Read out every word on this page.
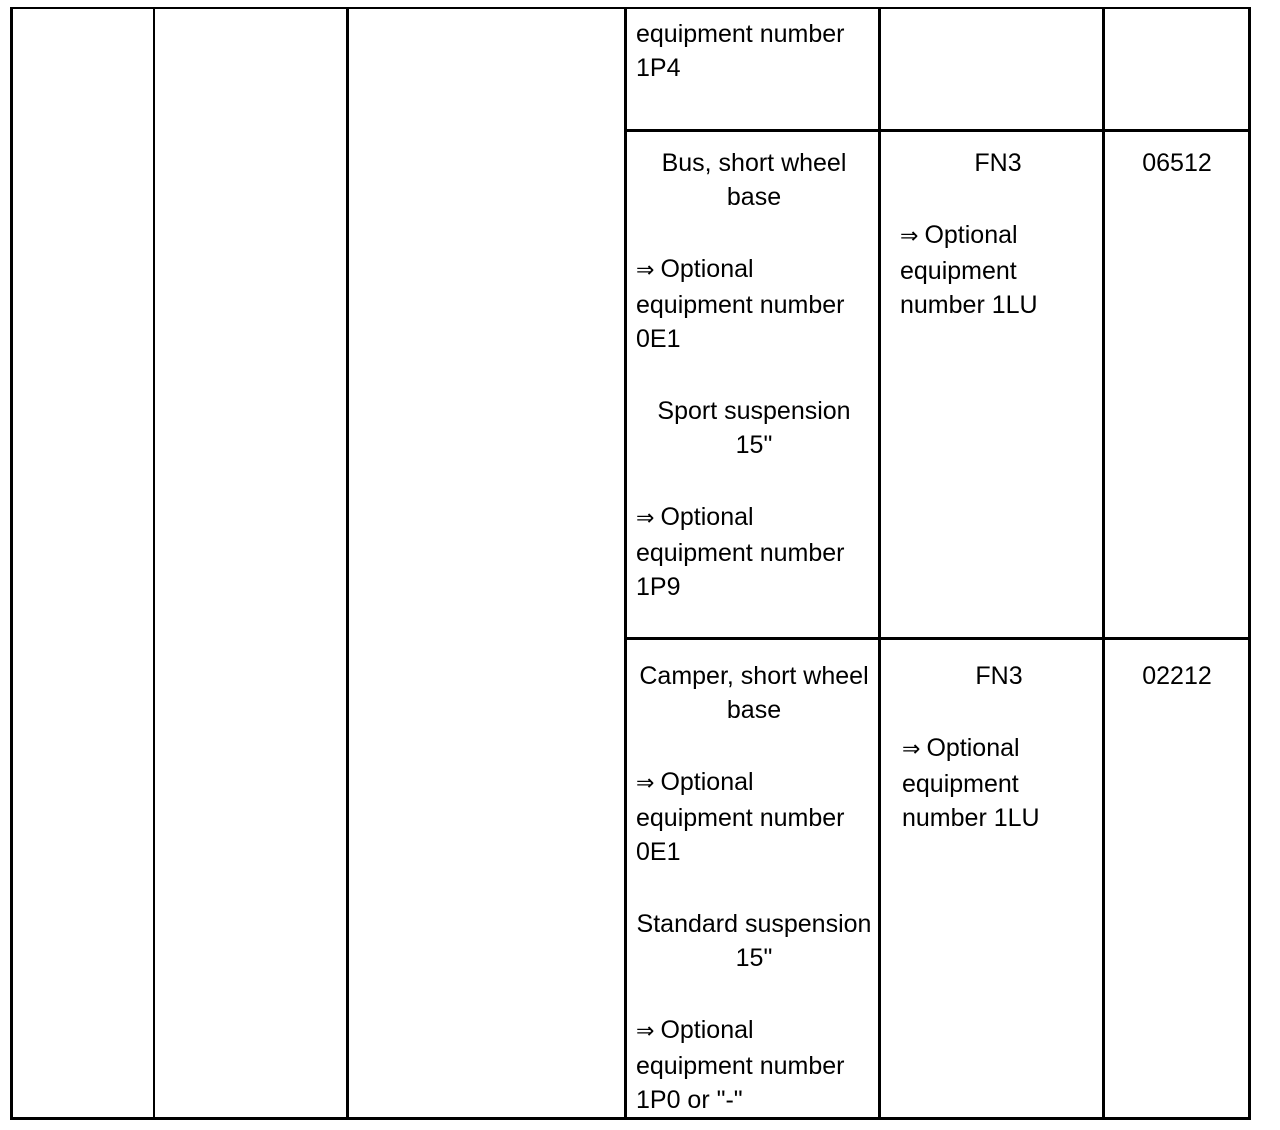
equipment number 1P4

Bus, short wheel base

⇒ Optional equipment number 0E1

Sport suspension 15"

⇒ Optional equipment number 1P9

FN3

⇒ Optional equipment number 1LU

06512

Camper, short wheel base

⇒ Optional equipment number 0E1

Standard suspension 15"

⇒ Optional equipment number 1P0 or "-"

FN3

⇒ Optional equipment number 1LU

02212
